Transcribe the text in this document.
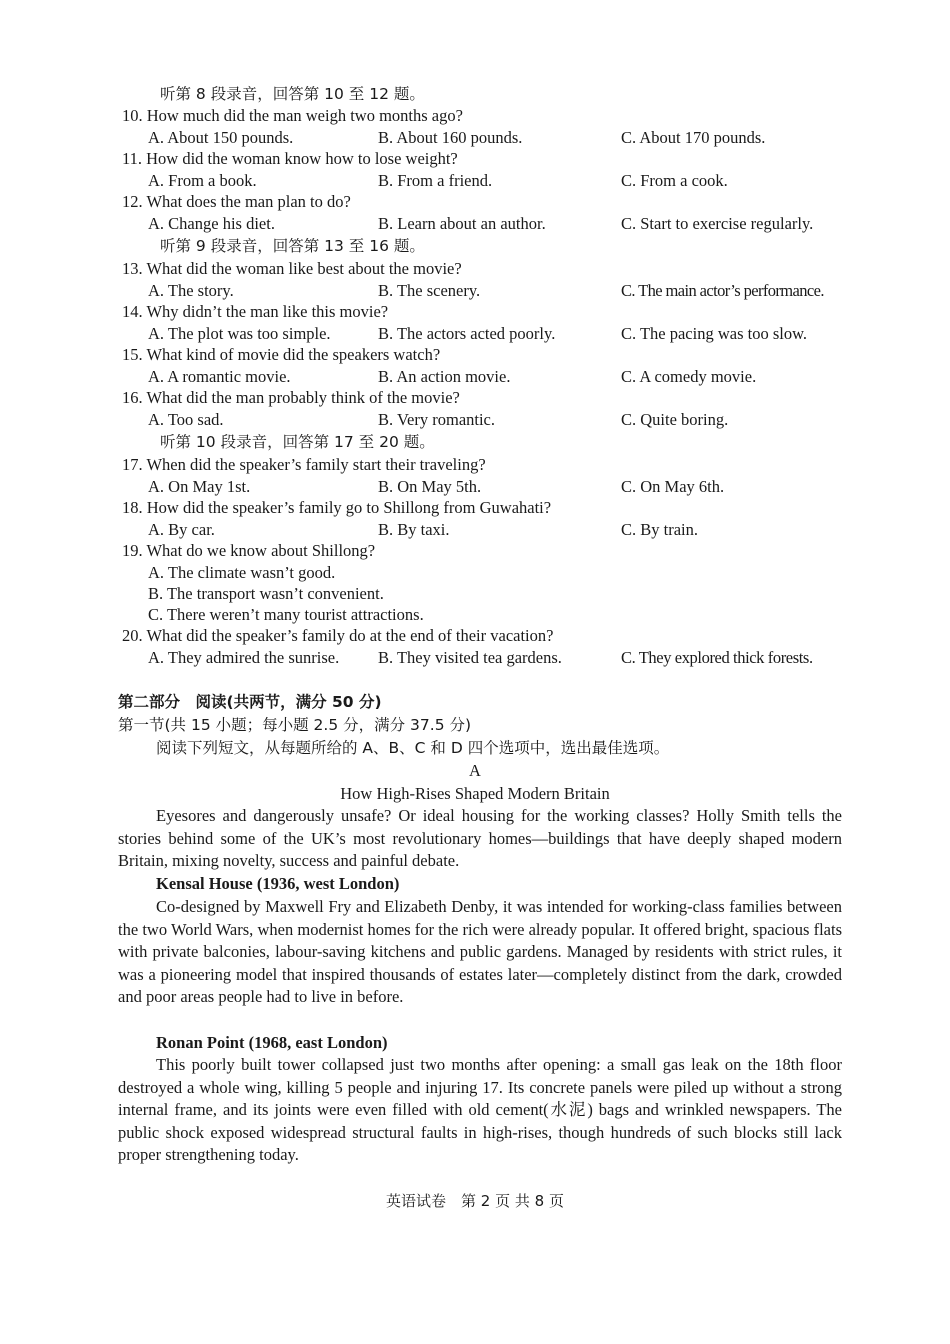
听第 8 段录音，回答第 10 至 12 题。
10. How much did the man weigh two months ago?
A. About 150 pounds.	B. About 160 pounds.	C. About 170 pounds.
11. How did the woman know how to lose weight?
A. From a book.	B. From a friend.	C. From a cook.
12. What does the man plan to do?
A. Change his diet.	B. Learn about an author.	C. Start to exercise regularly.
听第 9 段录音，回答第 13 至 16 题。
13. What did the woman like best about the movie?
A. The story.	B. The scenery.	C. The main actor’s performance.
14. Why didn’t the man like this movie?
A. The plot was too simple.	B. The actors acted poorly.	C. The pacing was too slow.
15. What kind of movie did the speakers watch?
A. A romantic movie.	B. An action movie.	C. A comedy movie.
16. What did the man probably think of the movie?
A. Too sad.	B. Very romantic.	C. Quite boring.
听第 10 段录音，回答第 17 至 20 题。
17. When did the speaker’s family start their traveling?
A. On May 1st.	B. On May 5th.	C. On May 6th.
18. How did the speaker’s family go to Shillong from Guwahati?
A. By car.	B. By taxi.	C. By train.
19. What do we know about Shillong?
A. The climate wasn’t good.
B. The transport wasn’t convenient.
C. There weren’t many tourist attractions.
20. What did the speaker’s family do at the end of their vacation?
A. They admired the sunrise. B. They visited tea gardens.	C. They explored thick forests.
第二部分　阅读(共两节，满分 50 分)
第一节(共 15 小题；每小题 2.5 分，满分 37.5 分)
阅读下列短文，从每题所给的 A、B、C 和 D 四个选项中，选出最佳选项。
A
How High-Rises Shaped Modern Britain
Eyesores and dangerously unsafe? Or ideal housing for the working classes? Holly Smith tells the stories behind some of the UK’s most revolutionary homes—buildings that have deeply shaped modern Britain, mixing novelty, success and painful debate.
Kensal House (1936, west London)
Co-designed by Maxwell Fry and Elizabeth Denby, it was intended for working-class families between the two World Wars, when modernist homes for the rich were already popular. It offered bright, spacious flats with private balconies, labour-saving kitchens and public gardens. Managed by residents with strict rules, it was a pioneering model that inspired thousands of estates later—completely distinct from the dark, crowded and poor areas people had to live in before.
Ronan Point (1968, east London)
This poorly built tower collapsed just two months after opening: a small gas leak on the 18th floor destroyed a whole wing, killing 5 people and injuring 17. Its concrete panels were piled up without a strong internal frame, and its joints were even filled with old cement(水泥) bags and wrinkled newspapers. The public shock exposed widespread structural faults in high-rises, though hundreds of such blocks still lack proper strengthening today.
英语试卷　第 2 页 共 8 页
